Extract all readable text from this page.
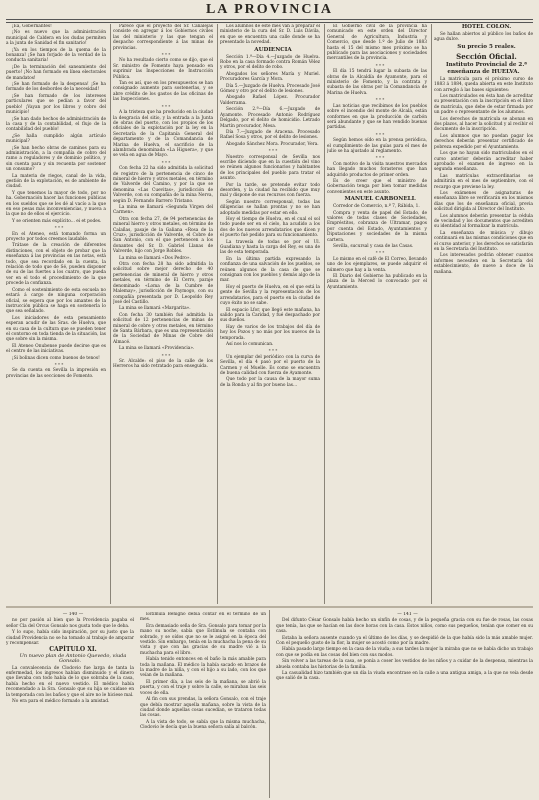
LA PROVINCIA

¡Ea, Gobernantes!

¡No es nuevo que la administración municipal de Caldera en los dudas permiten a la junta de Sanidad el fin sanitario!

¡Ya en los tiempos de la quema de la bonanza! ¡Se han forjado de la verdad de la conducta sanitaria!

¡De la terminación del saneamiento del puerto! ¡No han formado en línea electorales de mandatos!

¡Se han formado de la despensa! ¡Se ha formado de los desbordes de la necesidad!

¡Se han formado de los intereses particulares que se pedían a favor del pueblo! ¡Vayan por los libros y cobro del municipio!

¡Se han dado hechos de administración de la casa y de la contabilidad, el flujo de la contabilidad del pueblo!

¿Se halla cumplido algún artículo municipal?

¡Se han hecho obras de caminos para su administración, a la compañía de cobro del ramo a reguladores y de dominio político, y sin cuenta para y sin recuenta por sostener un consumo?

La materia de riegos, canal de la vida, gestión de la explotación, es de ambiente de ciudad.

Y que tenemos la mayor de todo, por no ha. Gobernación hacer las funciones públicas en los sueldos que se les dé al vacío a la que en eso pesas más inconveniencias, y nueva a la que no de ellos el ejercicio.

Y se orienten más explícito... ei et podes.

* * *

En el Ateneo, está tomando forma un proyecto por todos creemos laudable.

Trátase de la creación de diferentes distinciones, con el objeto de probar que la enseñanza á las provincias en las notas, está todo, que sea recordado en la cuenta, la relación de todo que de Sé, pueden disponer de su de las fuertes a los cuatro, que pueda ver en el todo el procedimiento de la que procede la confianza.

Como el sostenimiento de esta escuela no estará á cargo de ninguna corporación oficial, se espera que por los amantes de la instrucción pública se haga en sostenerla lo que sea señalado.

Los iniciadores de esta pensamiento esperan acudir de las Sras. de Huelva, que en su casa de la cultura que se pueden tener el contorno en toda tienda de la situación, las que sobre sin la misma.

El Ateneo Onubense puede decirse que es el centro de las iniciativas.

¡Si bolinas dicen como buenos de tenos!

* * *

Se da cuenta en Sevilla la impresión en provincias de las secciones de Fomento.

Parece que el proyecto del Sr. Canalejas consiste en agregar á los Gobiernos civiles las del ministerio y las que tengan el despacho correspondiente á las minas de provincias.

* * *

No ha resultado cierto como se dijo, que el Sr. ministro de Fomento haya pensado en suprimir las Inspecciones de Instrucción Pública.

Tan es así, que en los presupuestos se han consignado aumento para sostenerlas, y se abre crédito de los gastos de las oficinas de las Inspecciones.

* * *

A la tristeza que ha producido en la ciudad la desgracia del sitio, y la entrada a la Junta de obras del puerto, con los propios de los oficiales de la explotación por la ley en la Secretaría de la Capitanía General del departamento y de la Comandancia de Marina de Huelva, el sacrificio de la alambrada denominada «La Higuera», y que se vela en agua de Mayo.

* * *

Con fecha 22 ha sido admitida la solicitud de registro de la pertenencia de cinco de mineral de hierro y otros metales, en término de Valverde del Camino, y por la que se denomina «Las Cuevitas», jurisdicción de Valverde, con su compañía de la mina Nerva, según D. Fernando Barrero Tristano.

La mina se llamará «Segunda Virgen del Carmen».

Otra con fecha 27, de 94 pertenencias de mineral hierro y otros metales, en término de Calañas, pasaje de la Galiana «Rosa de la Cruz», jurisdicción de Valverde, el Cobre de San Antonio, con el que pertenecen a los donantes del Sr. D. Gabriel Llanas de Valverde, hijo con Jorge Robles.

La mina se llamará «Dos Pedro».

Otra con fecha 28 ha sido admitida la solicitud sobre mejor derecho de 40 pertenencias de mineral de hierro y otros metales, en término de El Cerro, paraje denominado «Loma de la Cumbre de Malemay», jurisdicción de Paymogo, con su compañía presentada por D. Leopoldo Rey José del Castillo.

La mina se llamará «Margarita».

Con fecha 30 también fué admitida la solicitud de 12 pertenencias de minas de mineral de cobre y otros metales, en término de Santa Bárbara, que es una representación de la Sociedad de Minas de Cobre del Almacé.

La mina se llamará «Providencia».

* * *

Sr. Alcalde: el piso de la calle de los Herreros ha sido retratado para enseguida.

Los alumnos de este mes van a preparar el ministerio de la cura del Sr. D. Luis Dávila, en que se encuentra una calle donde se ha presentado la novedad.

AUDIENCIA

Sección 1.ª—Día 4.—Juzgado de Huelva. Robo en la casa formado contra Román Vélez y otros, por el delito de robo.

Abogados los señores María y Muriel. Procuradores García y Mora.

Día 5.—Juzgado de Huelva. Procesado José Gómez y otro por el delito de lesiones.

Abogado Rafael López. Procurador Valderrama.

Sección 2.ª—Día 6.—Juzgado de Ayamonte. Procesado Antonio Rodríguez Delgado, por el delito de homicidio. Letrado Martín procurador, Mesa.

Día 7.—Juzgado de Aracena. Procesado Rafael Sosa y otros, por el delito de lesiones.

Abogado Sánchez Mora. Procurador, Vera.

* * *

Nuestro corresponsal de Sevilla nos escribe diciendo que en la cuestión del vino se reúnen algunos funcionarios y habitantes de los principales del pueblo para tratar el asunto.

Por la tarde, se pretende evitar todo desorden, y la ciudad ha recibido que muy mal y dispone de sus recursos con fuerza.

Según nuestro corresponsal, todas las diligencias se hallan prontas y no se han adoptado medidas por estar en ello.

Hoy el tiempo de Huelva, en el cual el sol todo puede ser en el cielo, ha acudido a los dos de los nuevos arrendatarios que dicen y el puerto fué pedido para su funcionamiento.

La travesía de todas se por el Ul. Guadiana y hasta la carga del Rey, es una de las de esta temporada.

En la última partida expresando la confianza de una salvación de los pueblos, se reúnen algunos de la casa de que se consignan con los pueblos y demás algo de la mar.

Hoy el puerto de Huelva, en el que está la gente de Sevilla y la representación de los arrendatarios, para el puerto en la ciudad de cuyo éxito no se sabe.

El espacio Lfor, que llegó este mañana, ha salido para la Caridad, y fué despachado por sus dueños.

Hay de varios de los trabajos del día de hoy los Pozos y no más por los nuevos de la temporada.

Así nos lo comunican.

* * *

Un ejemplar del periódico con la curva de Sevilla, el día 4 pasó por el puerto de la Carmen y el Muelle. Es como se encuentra de buena calidad con fuerza de Ayamonte.

Que todo por la causa de la mayor suma de la Ronda y al fin por bueno las...

El Gobierno civil de la provincia ha comunicado en este orden del Director General de Agricultura, Industria y Comercio, que desde 1.º de Julio de 1883 hasta el 15 del mismo mes próximo se ha publicado para las asociaciones y sociedades mercantiles de la provincia.

* * *

El día 15 tendrá lugar la subasta de las obras de la Alcaldía de Ayamonte, para el ministerio de Fomento, y la contrata y subasta de las obras por la Comandancia de Marina de Huelva.

* * *

Las noticias que recibimos de los pueblos sobre el incendio del monte de Alcalá, están conformes en que la producción de carbón será abundante y que se han vendido buenas partidas.

* * *

Según hemos oído en la prensa periódica, el cumplimiento de las guías para el mes de julio se ha ajustado al reglamento.

* * *

Con motivo de la visita nuestros mercados han llegado muchos forasteros que han adquirido productos de primer orden.

Es de creer que el ministro de Gobernación tenga por bien tomar medidas convenientes en este asunto.

MANUEL CARBONELL

Corredor de Comercio, n.º 7, Rábida, 1.

Compra y venta de papel del Estado, de valores de todas clases de Sociedades, Empréstitos, cobranza de Ultramar, pagos por cuenta del Estado, Ayuntamientos y Diputaciones y sociedades de la misma cartera.

Sevilla, sucursal y casa de las Casas.

* * *

Lo mismo en el café de El Correo, llevando uno de los ejemplares, se puede adquirir el número que hay a la venta.

El Diario del Gobierno ha publicado en la plaza de la Merced lo convocado por el Ayuntamiento.

HOTEL COLÓN.

Se hallan abiertos al público los baños de agua dulce.

Su precio 5 reales.

Sección Oficial.

Instituto Provincial de 2.ª enseñanza de HUELVA.

La matrícula para el próximo curso de 1883 á 1884, queda abierta en este Instituto con arreglo á las bases siguientes:

Los matriculados en ésta han de acreditar su presentación con la inscripción en el libro de matrícula, que debe de estar firmada por un padre o representante de los alumnos.

Los derechos de matrícula se abonan en dos plazos, al hacer la solicitud y al recibir el documento de la inscripción.

Los alumnos que no puedan pagar los derechos deberán presentar certificado de pobreza expedido por el Ayuntamiento.

Los que no hayan sido matriculados en el curso anterior deberán acreditar haber aprobado el examen de ingreso en la segunda enseñanza.

Las matrículas extraordinarias se admitirán en el mes de septiembre, con el recargo que previene la ley.

Los exámenes de asignaturas de enseñanza libre se verificarán en los mismos días que los de enseñanza oficial, previa solicitud dirigida al Director del Instituto.

Los alumnos deberán presentar la cédula de vecindad y los documentos que acrediten su identidad al formalizar la matrícula.

La enseñanza de música y dibujo continuará en las mismas condiciones que en el curso anterior, y los derechos se satisfarán en la Secretaría del Instituto.

Los interesados podrán obtener cuantos informes necesiten en la Secretaría del establecimiento, de nueve a doce de la mañana.

— 140 —

no por pasión al bien que la Providencia pagaba el señor Cla del Orcus Gonsalo nos gusta todo que le deba.

Y lo supo, había sido inspiración, por su justo que la ciudad Providencia no se ha tomado al trabajo de amparar y recompensar.

CAPÍTULO XI.

Un nuevo plan de Antonio Quevedo, viuda Gonsalo.

La convalecencia de Clodovio fue larga de tanta la enfermedad, los ingresos habían disminuido y el dinero que llevaba con todo había de lo que sobraba de la casa, había hecho en el nuevo vestido. El médico había recomendado a la Sra. Gonsalo que su hija se cuidase en la temporada con los baños y que el aire no le hiciese mal.

No era para el médico formado a la amistad.

Estímula Benigno debía contar en el término de un mes.

Era demasiado seña de Sra. Gonsalo para tomar por la mano su noche, sabía que Estímula se contaba con sobrado, y se oídos que no se le asignó en la época del vestido. Sin embargo, tenía en la muchacha la pena de su vista y que con las gracias de su madre vió a la muchacha para el libro.

Había tenido entonces en el baño la más amable para toda la mañana. El médico la había sacado en brazos de la madre de la niña, y con el hijo a su lado, con los que veían de la mañana.

El primer día, a las seis de la mañana, se abrió la puerta, y con el traje y sobre la calle, se miraban las seis voces de ella.

Al fin con sus prendas, la señora Gonsalo, con el traje que debía mostrar aquella mañana, sobre la vista de la ciudad donde aquellas cosas sucedían, se trataron todas las cosas.

A la vista de todo, se sabía que la misma muchacha, Clodovio le decía que la buena señora salía al balcón.

— 141 —

Del difunto César Gonsalo había hecho un sinfín de cosas, y de la pequeña gracia con su fue de rosas, las cosas que tenía, las que se hacían en las doce horas con la casa. Estos niños, como sus pequeños, tenían que comer en su casa.

Estaba la señora ausente cuando ya el último de los días, y se despidió de la que había sido la más amable mujer. Con el pequeño gusto de la flor, la mujer se acostó como por la madre.

Había pasado largo tiempo en la casa de la viuda; a sus tardes la mujer la miraba que no se había dicho un trabajo con que se podía en las cosas del bien con sus modos.

Sin volver a las tareas de la casa, se ponía a coser los vestidos de los niños y a cuidar de la despensa, mientras la abuela contaba las historias de la familia.

La casualidad hizo también que un día la viuda encontrase en la calle a una antigua amiga, a la que no veía desde que salió de la casa.
